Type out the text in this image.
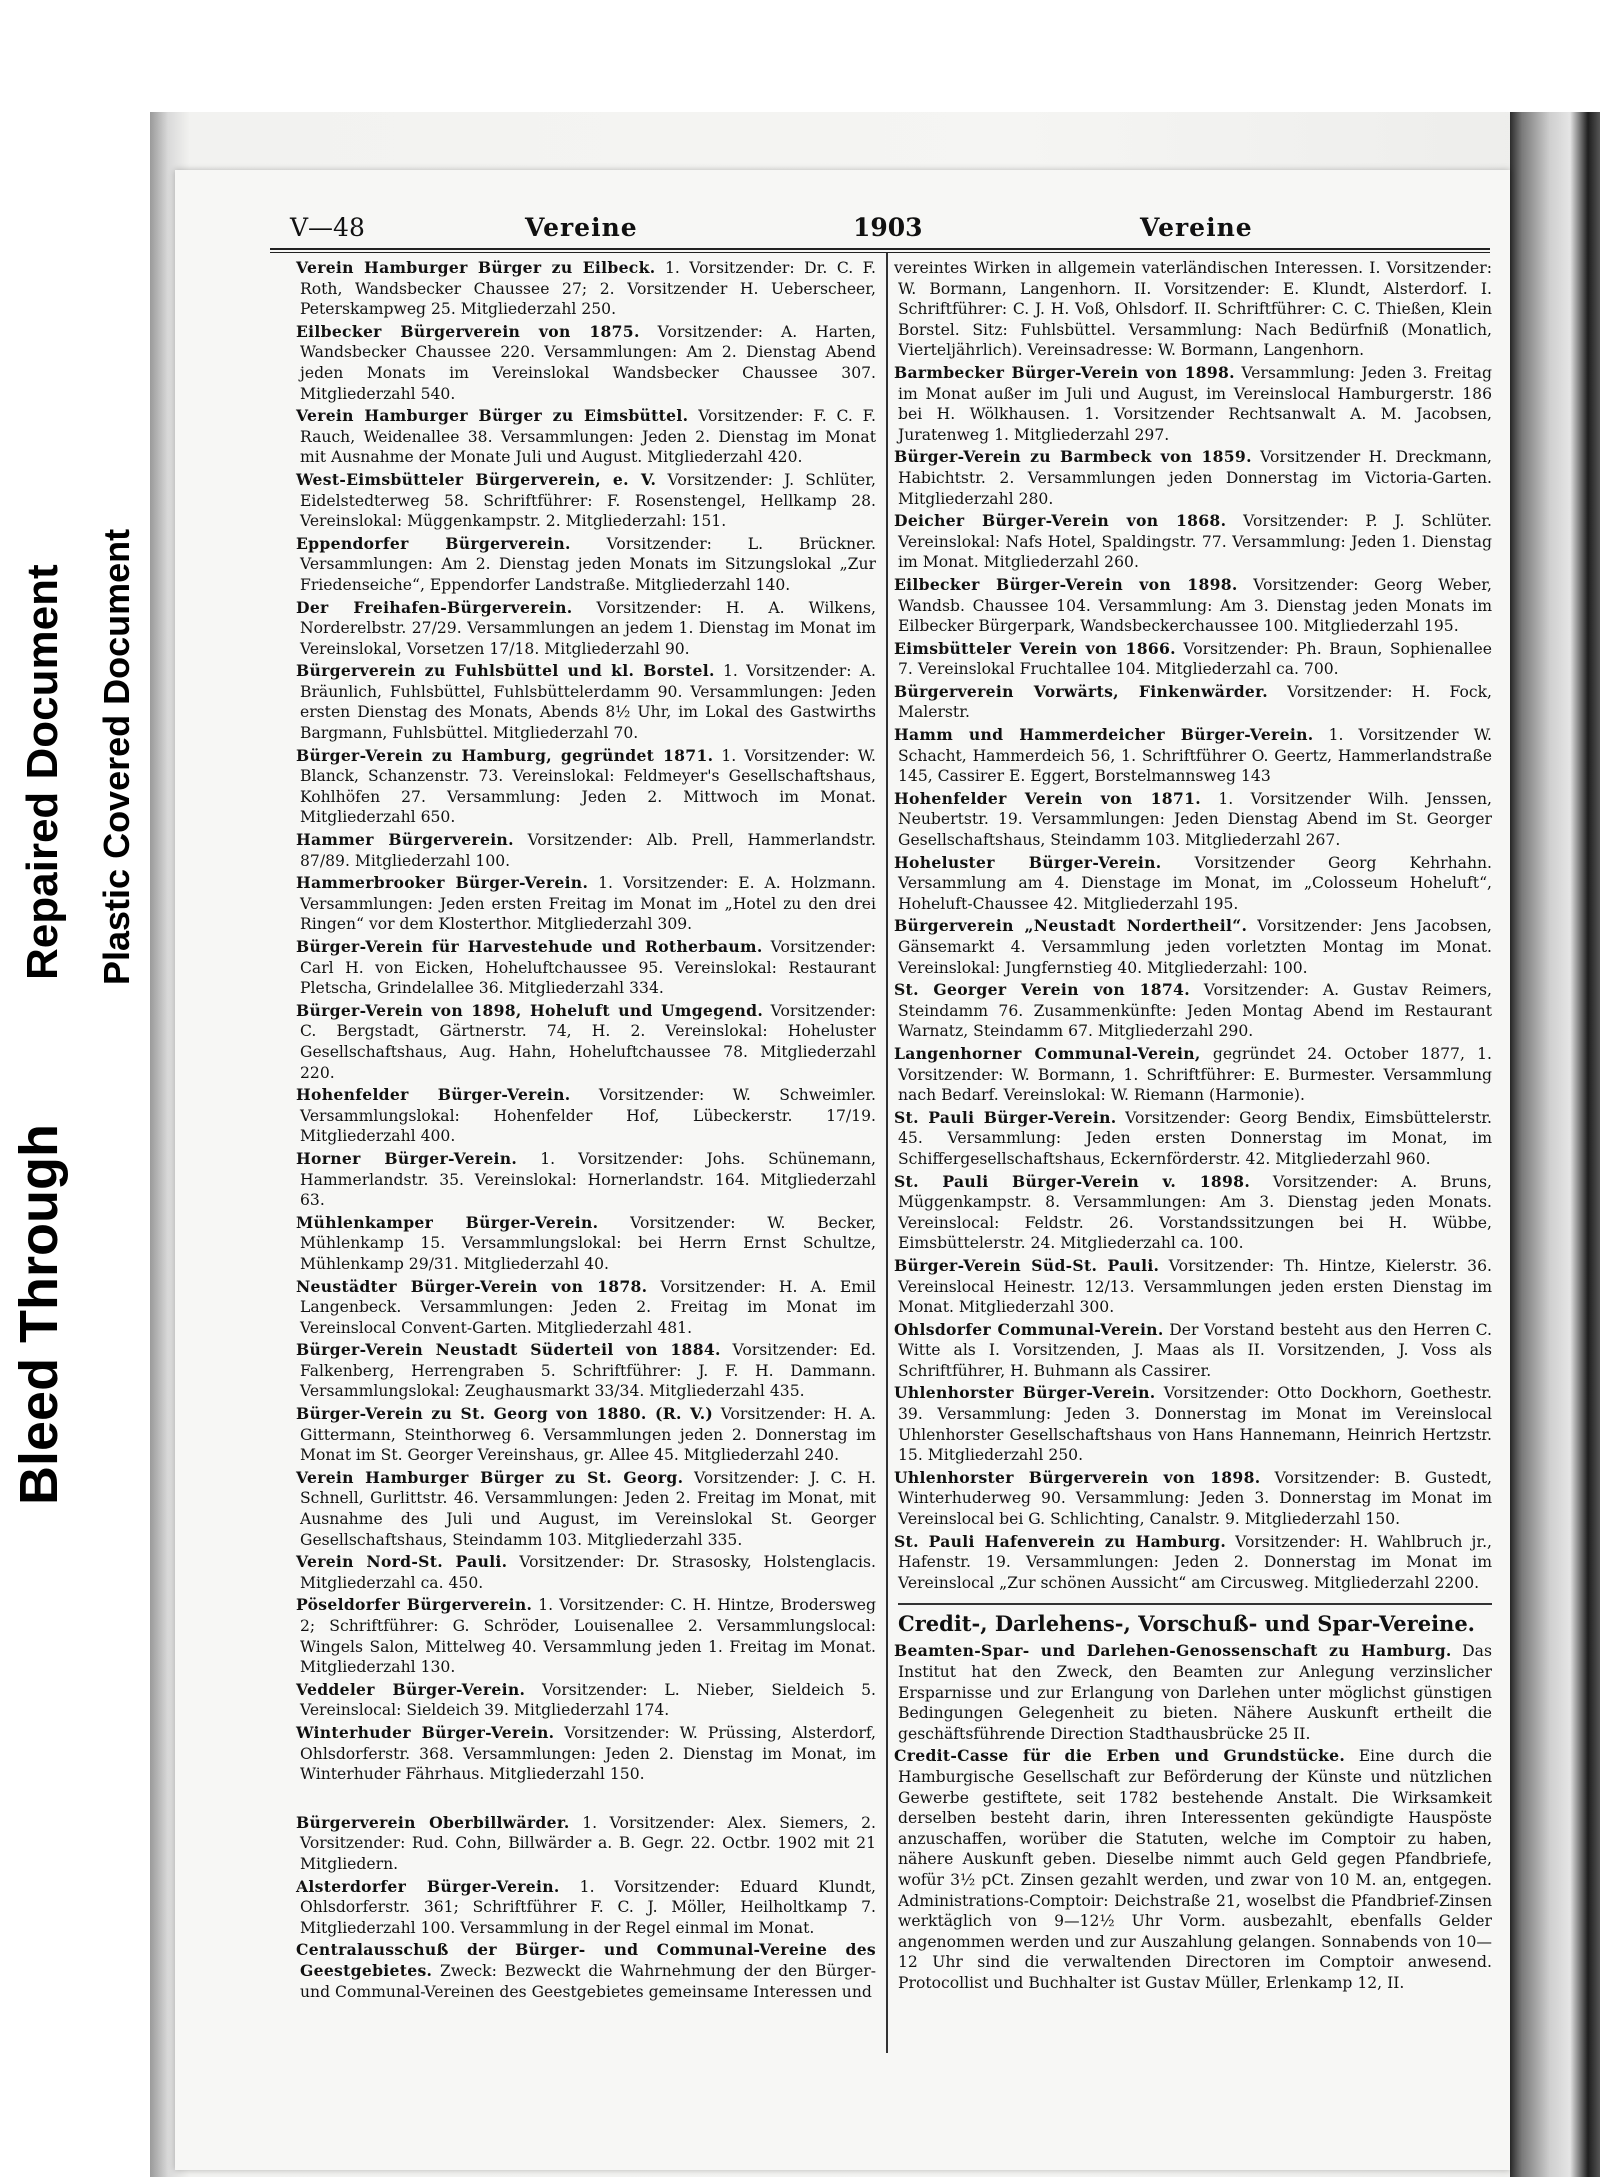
Bleed Through
Repaired Document Plastic Covered Document
V—48	Vereine	1903	Vereine
Verein Hamburger Bürger zu Eilbeck. 1. Vorsitzender: Dr. C. F. Roth, Wandsbecker Chaussee 27; 2. Vorsitzender H. Ueberscheer, Peterskampweg 25. Mitgliederzahl 250.
Eilbecker Bürgerverein von 1875. Vorsitzender: A. Harten, Wandsbecker Chaussee 220. Versammlungen: Am 2. Dienstag Abend jeden Monats im Vereinslokal Wandsbecker Chaussee 307. Mitgliederzahl 540.
Verein Hamburger Bürger zu Eimsbüttel. Vorsitzender: F. C. F. Rauch, Weidenallee 38. Versammlungen: Jeden 2. Dienstag im Monat mit Ausnahme der Monate Juli und August. Mitgliederzahl 420.
West-Eimsbütteler Bürgerverein, e. V. Vorsitzender: J. Schlüter, Eidelstedterweg 58. Schriftführer: F. Rosenstengel, Hellkamp 28. Vereinslokal: Müggenkampstr. 2. Mitgliederzahl: 151.
Eppendorfer Bürgerverein. Vorsitzender: L. Brückner. Versammlungen: Am 2. Dienstag jeden Monats im Sitzungslokal „Zur Friedenseiche“, Eppendorfer Landstraße. Mitgliederzahl 140.
Der Freihafen-Bürgerverein. Vorsitzender: H. A. Wilkens, Norderelbstr. 27/29. Versammlungen an jedem 1. Dienstag im Monat im Vereinslokal, Vorsetzen 17/18. Mitgliederzahl 90.
Bürgerverein zu Fuhlsbüttel und kl. Borstel. 1. Vorsitzender: A. Bräunlich, Fuhlsbüttel, Fuhlsbüttelerdamm 90. Versammlungen: Jeden ersten Dienstag des Monats, Abends 8½ Uhr, im Lokal des Gastwirths Bargmann, Fuhlsbüttel. Mitgliederzahl 70.
Bürger-Verein zu Hamburg, gegründet 1871. 1. Vorsitzender: W. Blanck, Schanzenstr. 73. Vereinslokal: Feldmeyer's Gesellschaftshaus, Kohlhöfen 27. Versammlung: Jeden 2. Mittwoch im Monat. Mitgliederzahl 650.
Hammer Bürgerverein. Vorsitzender: Alb. Prell, Hammerlandstr. 87/89. Mitgliederzahl 100.
Hammerbrooker Bürger-Verein. 1. Vorsitzender: E. A. Holzmann. Versammlungen: Jeden ersten Freitag im Monat im „Hotel zu den drei Ringen“ vor dem Klosterthor. Mitgliederzahl 309.
Bürger-Verein für Harvestehude und Rotherbaum. Vorsitzender: Carl H. von Eicken, Hoheluftchaussee 95. Vereinslokal: Restaurant Pletscha, Grindelallee 36. Mitgliederzahl 334.
Bürger-Verein von 1898, Hoheluft und Umgegend. Vorsitzender: C. Bergstadt, Gärtnerstr. 74, H. 2. Vereinslokal: Hoheluster Gesellschaftshaus, Aug. Hahn, Hoheluftchaussee 78. Mitgliederzahl 220.
Hohenfelder Bürger-Verein. Vorsitzender: W. Schweimler. Versammlungslokal: Hohenfelder Hof, Lübeckerstr. 17/19. Mitgliederzahl 400.
Horner Bürger-Verein. 1. Vorsitzender: Johs. Schünemann, Hammerlandstr. 35. Vereinslokal: Hornerlandstr. 164. Mitgliederzahl 63.
Mühlenkamper Bürger-Verein. Vorsitzender: W. Becker, Mühlenkamp 15. Versammlungslokal: bei Herrn Ernst Schultze, Mühlenkamp 29/31. Mitgliederzahl 40.
Neustädter Bürger-Verein von 1878. Vorsitzender: H. A. Emil Langenbeck. Versammlungen: Jeden 2. Freitag im Monat im Vereinslocal Convent-Garten. Mitgliederzahl 481.
Bürger-Verein Neustadt Süderteil von 1884. Vorsitzender: Ed. Falkenberg, Herrengraben 5. Schriftführer: J. F. H. Dammann. Versammlungslokal: Zeughausmarkt 33/34. Mitgliederzahl 435.
Bürger-Verein zu St. Georg von 1880. (R. V.) Vorsitzender: H. A. Gittermann, Steinthorweg 6. Versammlungen jeden 2. Donnerstag im Monat im St. Georger Vereinshaus, gr. Allee 45. Mitgliederzahl 240.
Verein Hamburger Bürger zu St. Georg. Vorsitzender: J. C. H. Schnell, Gurlittstr. 46. Versammlungen: Jeden 2. Freitag im Monat, mit Ausnahme des Juli und August, im Vereinslokal St. Georger Gesellschaftshaus, Steindamm 103. Mitgliederzahl 335.
Verein Nord-St. Pauli. Vorsitzender: Dr. Strasosky, Holstenglacis. Mitgliederzahl ca. 450.
Pöseldorfer Bürgerverein. 1. Vorsitzender: C. H. Hintze, Brodersweg 2; Schriftführer: G. Schröder, Louisenallee 2. Versammlungslocal: Wingels Salon, Mittelweg 40. Versammlung jeden 1. Freitag im Monat. Mitgliederzahl 130.
Veddeler Bürger-Verein. Vorsitzender: L. Nieber, Sieldeich 5. Vereinslocal: Sieldeich 39. Mitgliederzahl 174.
Winterhuder Bürger-Verein. Vorsitzender: W. Prüssing, Alsterdorf, Ohlsdorferstr. 368. Versammlungen: Jeden 2. Dienstag im Monat, im Winterhuder Fährhaus. Mitgliederzahl 150.
Bürgerverein Oberbillwärder. 1. Vorsitzender: Alex. Siemers, 2. Vorsitzender: Rud. Cohn, Billwärder a. B. Gegr. 22. Octbr. 1902 mit 21 Mitgliedern.
Alsterdorfer Bürger-Verein. 1. Vorsitzender: Eduard Klundt, Ohlsdorferstr. 361; Schriftführer F. C. J. Möller, Heilholtkamp 7. Mitgliederzahl 100. Versammlung in der Regel einmal im Monat.
Centralausschuß der Bürger- und Communal-Vereine des Geestgebietes. Zweck: Bezweckt die Wahrnehmung der den Bürger- und Communal-Vereinen des Geestgebietes gemeinsame Interessen und
vereintes Wirken in allgemein vaterländischen Interessen. I. Vorsitzender: W. Bormann, Langenhorn. II. Vorsitzender: E. Klundt, Alsterdorf. I. Schriftführer: C. J. H. Voß, Ohlsdorf. II. Schriftführer: C. C. Thießen, Klein Borstel. Sitz: Fuhlsbüttel. Versammlung: Nach Bedürfniß (Monatlich, Vierteljährlich). Vereinsadresse: W. Bormann, Langenhorn.
Barmbecker Bürger-Verein von 1898. Versammlung: Jeden 3. Freitag im Monat außer im Juli und August, im Vereinslocal Hamburgerstr. 186 bei H. Wölkhausen. 1. Vorsitzender Rechtsanwalt A. M. Jacobsen, Juratenweg 1. Mitgliederzahl 297.
Bürger-Verein zu Barmbeck von 1859. Vorsitzender H. Dreckmann, Habichtstr. 2. Versammlungen jeden Donnerstag im Victoria-Garten. Mitgliederzahl 280.
Deicher Bürger-Verein von 1868. Vorsitzender: P. J. Schlüter. Vereinslokal: Nafs Hotel, Spaldingstr. 77. Versammlung: Jeden 1. Dienstag im Monat. Mitgliederzahl 260.
Eilbecker Bürger-Verein von 1898. Vorsitzender: Georg Weber, Wandsb. Chaussee 104. Versammlung: Am 3. Dienstag jeden Monats im Eilbecker Bürgerpark, Wandsbeckerchaussee 100. Mitgliederzahl 195.
Eimsbütteler Verein von 1866. Vorsitzender: Ph. Braun, Sophienallee 7. Vereinslokal Fruchtallee 104. Mitgliederzahl ca. 700.
Bürgerverein Vorwärts, Finkenwärder. Vorsitzender: H. Fock, Malerstr.
Hamm und Hammerdeicher Bürger-Verein. 1. Vorsitzender W. Schacht, Hammerdeich 56, 1. Schriftführer O. Geertz, Hammerlandstraße 145, Cassirer E. Eggert, Borstelmannsweg 143
Hohenfelder Verein von 1871. 1. Vorsitzender Wilh. Jenssen, Neubertstr. 19. Versammlungen: Jeden Dienstag Abend im St. Georger Gesellschaftshaus, Steindamm 103. Mitgliederzahl 267.
Hoheluster Bürger-Verein. Vorsitzender Georg Kehrhahn. Versammlung am 4. Dienstage im Monat, im „Colosseum Hoheluft“, Hoheluft-Chaussee 42. Mitgliederzahl 195.
Bürgerverein „Neustadt Nordertheil“. Vorsitzender: Jens Jacobsen, Gänsemarkt 4. Versammlung jeden vorletzten Montag im Monat. Vereinslokal: Jungfernstieg 40. Mitgliederzahl: 100.
St. Georger Verein von 1874. Vorsitzender: A. Gustav Reimers, Steindamm 76. Zusammenkünfte: Jeden Montag Abend im Restaurant Warnatz, Steindamm 67. Mitgliederzahl 290.
Langenhorner Communal-Verein, gegründet 24. October 1877, 1. Vorsitzender: W. Bormann, 1. Schriftführer: E. Burmester. Versammlung nach Bedarf. Vereinslokal: W. Riemann (Harmonie).
St. Pauli Bürger-Verein. Vorsitzender: Georg Bendix, Eimsbüttelerstr. 45. Versammlung: Jeden ersten Donnerstag im Monat, im Schiffergesellschaftshaus, Eckernförderstr. 42. Mitgliederzahl 960.
St. Pauli Bürger-Verein v. 1898. Vorsitzender: A. Bruns, Müggenkampstr. 8. Versammlungen: Am 3. Dienstag jeden Monats. Vereinslocal: Feldstr. 26. Vorstandssitzungen bei H. Wübbe, Eimsbüttelerstr. 24. Mitgliederzahl ca. 100.
Bürger-Verein Süd-St. Pauli. Vorsitzender: Th. Hintze, Kielerstr. 36. Vereinslocal Heinestr. 12/13. Versammlungen jeden ersten Dienstag im Monat. Mitgliederzahl 300.
Ohlsdorfer Communal-Verein. Der Vorstand besteht aus den Herren C. Witte als I. Vorsitzenden, J. Maas als II. Vorsitzenden, J. Voss als Schriftführer, H. Buhmann als Cassirer.
Uhlenhorster Bürger-Verein. Vorsitzender: Otto Dockhorn, Goethestr. 39. Versammlung: Jeden 3. Donnerstag im Monat im Vereinslocal Uhlenhorster Gesellschaftshaus von Hans Hannemann, Heinrich Hertzstr. 15. Mitgliederzahl 250.
Uhlenhorster Bürgerverein von 1898. Vorsitzender: B. Gustedt, Winterhuderweg 90. Versammlung: Jeden 3. Donnerstag im Monat im Vereinslocal bei G. Schlichting, Canalstr. 9. Mitgliederzahl 150.
St. Pauli Hafenverein zu Hamburg. Vorsitzender: H. Wahlbruch jr., Hafenstr. 19. Versammlungen: Jeden 2. Donnerstag im Monat im Vereinslocal „Zur schönen Aussicht“ am Circusweg. Mitgliederzahl 2200.
Credit-, Darlehens-, Vorschuß- und Spar-Vereine.
Beamten-Spar- und Darlehen-Genossenschaft zu Hamburg. Das Institut hat den Zweck, den Beamten zur Anlegung verzinslicher Ersparnisse und zur Erlangung von Darlehen unter möglichst günstigen Bedingungen Gelegenheit zu bieten. Nähere Auskunft ertheilt die geschäftsführende Direction Stadthausbrücke 25 II.
Credit-Casse für die Erben und Grundstücke. Eine durch die Hamburgische Gesellschaft zur Beförderung der Künste und nützlichen Gewerbe gestiftete, seit 1782 bestehende Anstalt. Die Wirksamkeit derselben besteht darin, ihren Interessenten gekündigte Hauspöste anzuschaffen, worüber die Statuten, welche im Comptoir zu haben, nähere Auskunft geben. Dieselbe nimmt auch Geld gegen Pfandbriefe, wofür 3½ pCt. Zinsen gezahlt werden, und zwar von 10 M. an, entgegen. Administrations-Comptoir: Deichstraße 21, woselbst die Pfandbrief-Zinsen werktäglich von 9—12½ Uhr Vorm. ausbezahlt, ebenfalls Gelder angenommen werden und zur Auszahlung gelangen. Sonnabends von 10—12 Uhr sind die verwaltenden Directoren im Comptoir anwesend. Protocollist und Buchhalter ist Gustav Müller, Erlenkamp 12, II.
